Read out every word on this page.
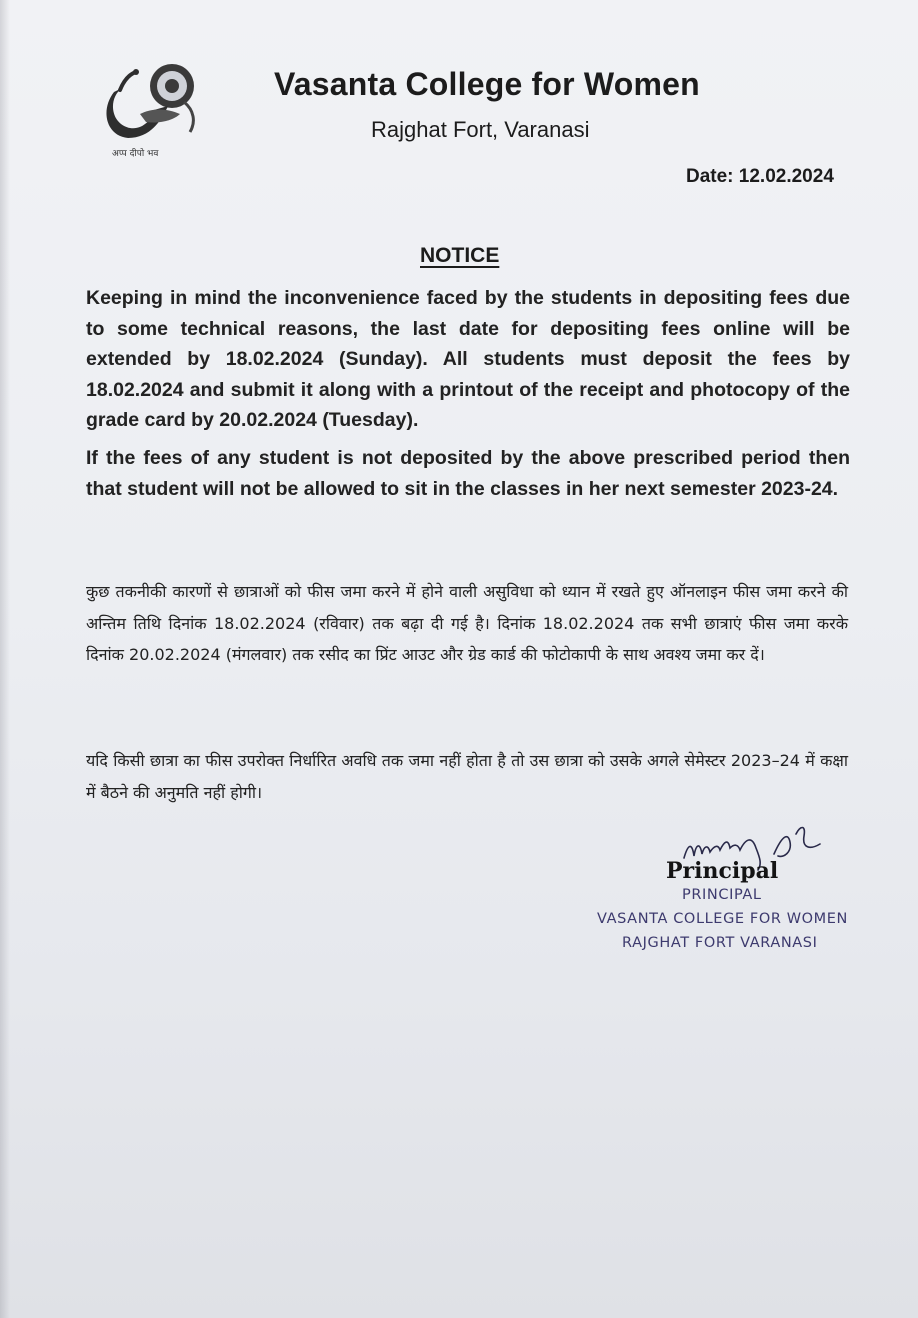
अप्प दीपो भव
Vasanta College for Women
Rajghat Fort, Varanasi
Date: 12.02.2024
NOTICE

Keeping in mind the inconvenience faced by the students in depositing fees due to some technical reasons, the last date for depositing fees online will be extended by 18.02.2024 (Sunday). All students must deposit the fees by 18.02.2024 and submit it along with a printout of the receipt and photocopy of the grade card by 20.02.2024 (Tuesday).

If the fees of any student is not deposited by the above prescribed period then that student will not be allowed to sit in the classes in her next semester 2023-24.

कुछ तकनीकी कारणों से छात्राओं को फीस जमा करने में होने वाली असुविधा को ध्यान में रखते हुए ऑनलाइन फीस जमा करने की अन्तिम तिथि दिनांक 18.02.2024 (रविवार) तक बढ़ा दी गई है। दिनांक 18.02.2024 तक सभी छात्राएं फीस जमा करके दिनांक 20.02.2024 (मंगलवार) तक रसीद का प्रिंट आउट और ग्रेड कार्ड की फोटोकापी के साथ अवश्य जमा कर दें।

यदि किसी छात्रा का फीस उपरोक्त निर्धारित अवधि तक जमा नहीं होता है तो उस छात्रा को उसके अगले सेमेस्टर 2023–24 में कक्षा में बैठने की अनुमति नहीं होगी।

Principal
PRINCIPAL
VASANTA COLLEGE FOR WOMEN
RAJGHAT FORT VARANASI
